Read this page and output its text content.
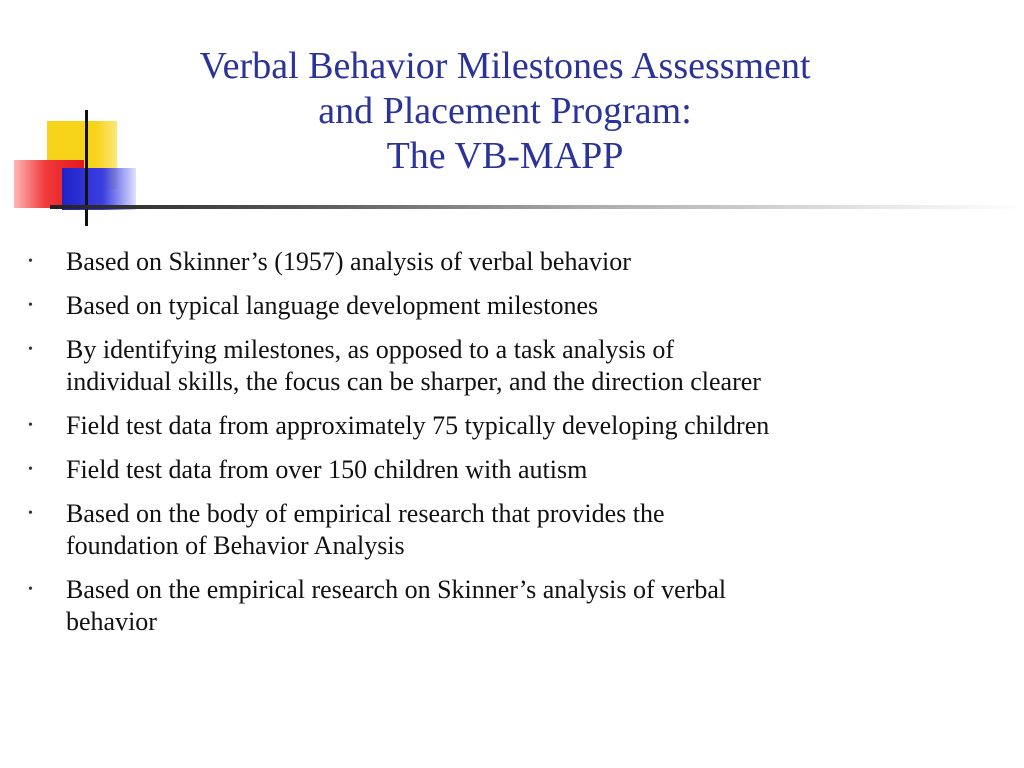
Verbal Behavior Milestones Assessment
and Placement Program:
The VB-MAPP
• Based on Skinner’s (1957) analysis of verbal behavior
• Based on typical language development milestones
• By identifying milestones, as opposed to a task analysis of
individual skills, the focus can be sharper, and the direction clearer
• Field test data from approximately 75 typically developing children
• Field test data from over 150 children with autism
• Based on the body of empirical research that provides the
foundation of Behavior Analysis
• Based on the empirical research on Skinner’s analysis of verbal
behavior
